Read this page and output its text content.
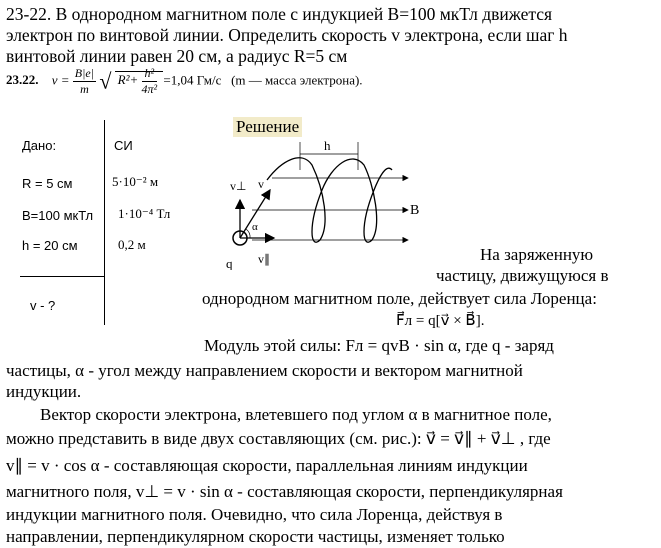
23-22. В однородном магнитном поле с индукцией В=100 мкТл движется
электрон по винтовой линии. Определить скорость v электрона, если шаг h
винтовой линии равен 20 см, а радиус R=5 см
23.22. $v = \frac{B|e|}{m}$ √ $R^2+ \frac{\text{h²}}{\text{4π²}} =1,04$ Гм/с (m — масса электрона).
Дано:	СИ
R = 5 см	5·10⁻² м
B=100 мкТл 1·10⁻⁴ Тл
h = 20 см	0,2 м
v - ?
Решение
h
B
v⊥ v
α
q v∥	На заряженную
частицу, движущуюся в
однородном магнитном поле, действует сила Лоренца:
F⃗л = q[v⃗ × B⃗].
Модуль этой силы: Fл = qvB · sin α, где q - заряд
частицы, α - угол между направлением скорости и вектором магнитной
индукции.
Вектор скорости электрона, влетевшего под углом α в магнитное поле,
можно представить в виде двух составляющих (см. рис.): v⃗ = v⃗∥ + v⃗⊥ , где
v∥ = v · cos α - составляющая скорости, параллельная линиям индукции
магнитного поля, v⊥ = v · sin α - составляющая скорости, перпендикулярная
индукции магнитного поля. Очевидно, что сила Лоренца, действуя в
направлении, перпендикулярном скорости частицы, изменяет только
